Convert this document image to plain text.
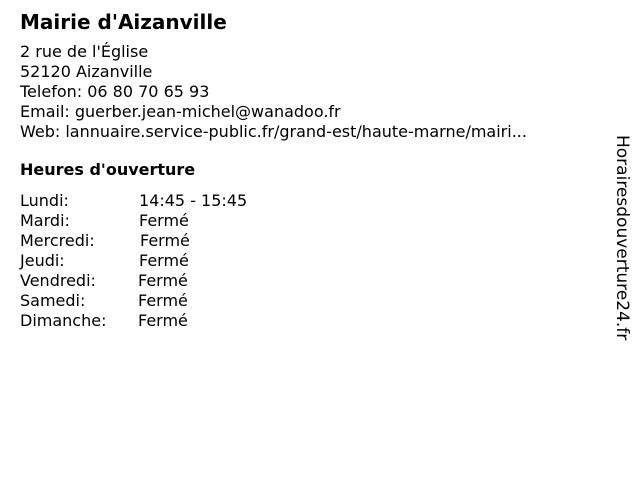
Mairie d'Aizanville
2 rue de l'Église
52120 Aizanville
Telefon: 06 80 70 65 93
Email: guerber.jean-michel@wanadoo.fr
Web: lannuaire.service-public.fr/grand-est/haute-marne/mairi...
Heures d'ouverture
Lundi:	14:45 - 15:45
Mardi:	Fermé
Mercredi:	Fermé
Jeudi:	Fermé
Vendredi:	Fermé
Samedi:	Fermé
Dimanche:	Fermé	Horairesdouverture24.fr
